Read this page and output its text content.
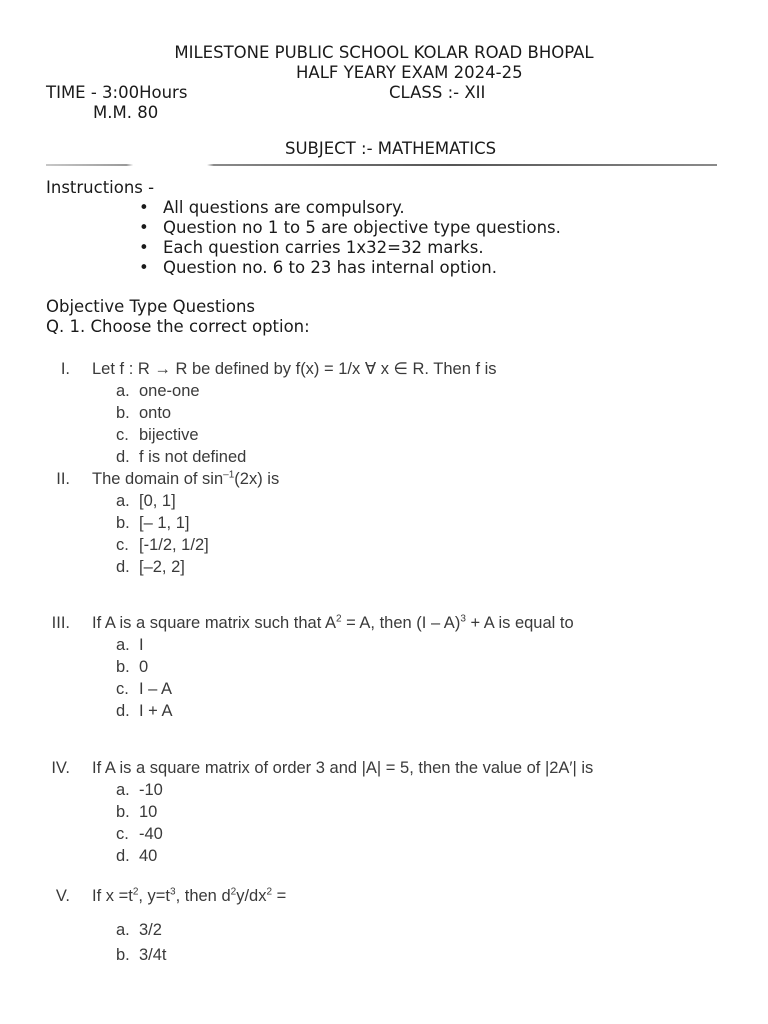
MILESTONE PUBLIC SCHOOL KOLAR ROAD BHOPAL
HALF YEARY EXAM 2024-25
TIME - 3:00Hours	CLASS :- XII
M.M. 80
SUBJECT :- MATHEMATICS
Instructions -
• All questions are compulsory.
• Question no 1 to 5 are objective type questions.
• Each question carries 1x32=32 marks.
• Question no. 6 to 23 has internal option.
Objective Type Questions
Q. 1. Choose the correct option:
I. Let f : R → R be defined by f(x) = 1/x ∀ x ∈ R. Then f is
a. one-one
b. onto
c. bijective
d. f is not defined
II. The domain of $\sin^{-1}(2x)$ is
a. [0, 1]
b. [– 1, 1]
c. [-1/2, 1/2]
d. [–2, 2]
III. If A is a square matrix such that $A^2 = A$, then (I – A)$^3$ + A is equal to
a. I
b. 0
c. I – A
d. I + A
IV. If A is a square matrix of order 3 and |A| = 5, then the value of |2A′| is
a. -10
b. 10
c. -40
d. 40
V. If $x =t^2$, $y=t^3$, then $d^2y/dx^2$ =
a. 3/2
b. 3/4t
